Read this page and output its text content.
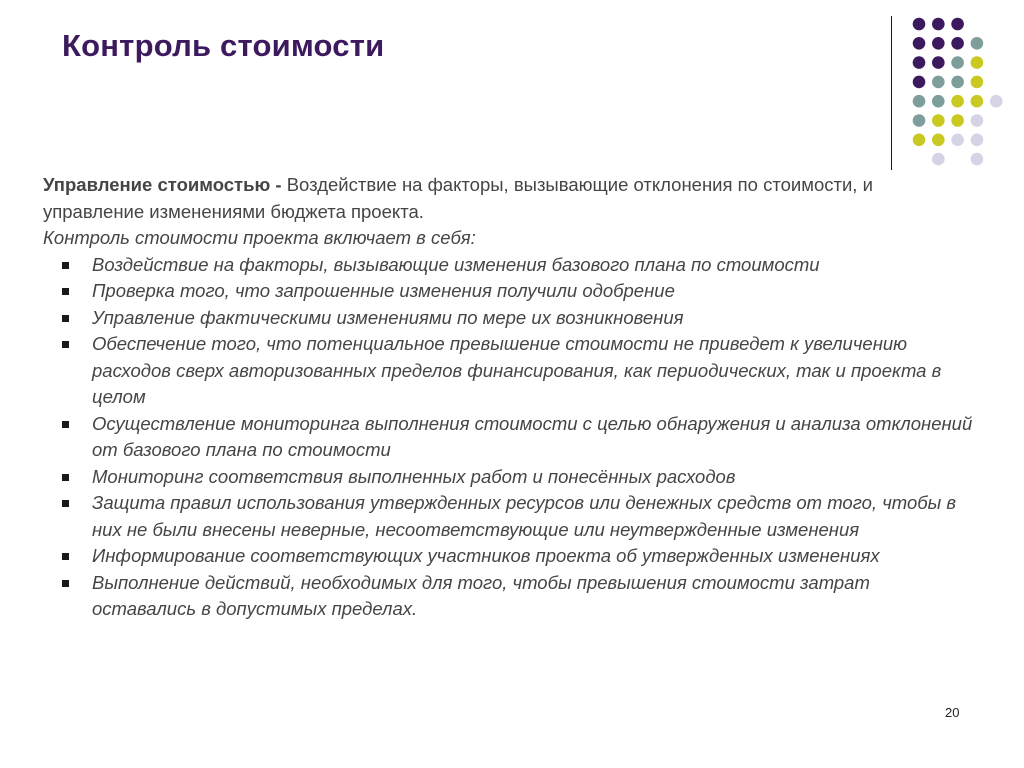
Контроль стоимости

Управление стоимостью - Воздействие на факторы, вызывающие отклонения по стоимости, и управление изменениями бюджета проекта.

Контроль стоимости проекта включает в себя:

Воздействие на факторы, вызывающие изменения базового плана по стоимости
Проверка того, что запрошенные изменения получили одобрение
Управление фактическими изменениями по мере их возникновения
Обеспечение того, что потенциальное превышение стоимости не приведет к увеличению расходов сверх авторизованных пределов финансирования, как периодических, так и проекта в целом
Осуществление мониторинга выполнения стоимости с целью обнаружения и анализа отклонений от базового плана по стоимости
Мониторинг соответствия выполненных работ и понесённых расходов
Защита правил использования утвержденных ресурсов или денежных средств от того, чтобы в них не были внесены неверные, несоответствующие или неутвержденные изменения
Информирование соответствующих участников проекта об утвержденных изменениях
Выполнение действий, необходимых для того, чтобы превышения стоимости затрат оставались в допустимых пределах.
20
